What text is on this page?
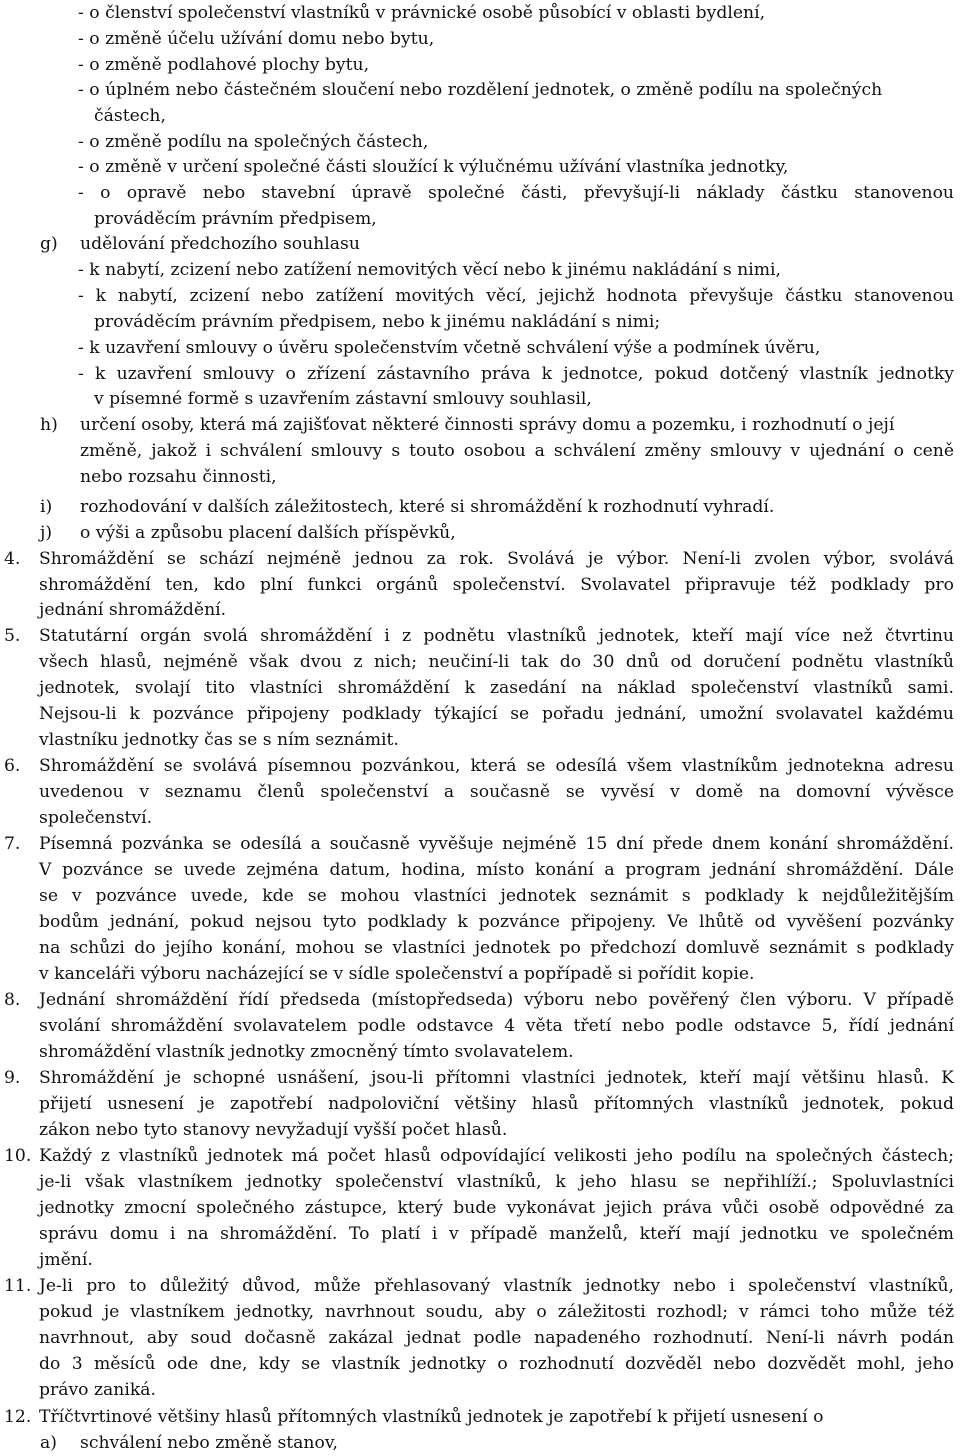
- o členství společenství vlastníků v právnické osobě působící v oblasti bydlení,
- o změně účelu užívání domu nebo bytu,
- o změně podlahové plochy bytu,
- o úplném nebo částečném sloučení nebo rozdělení jednotek, o změně podílu na společných
částech,
- o změně podílu na společných částech,
- o změně v určení společné části sloužící k výlučnému užívání vlastníka jednotky,
- o opravě nebo stavební úpravě společné části, převyšují-li náklady částku stanovenou
prováděcím právním předpisem,
g) udělování předchozího souhlasu
- k nabytí, zcizení nebo zatížení nemovitých věcí nebo k jinému nakládání s nimi,
- k nabytí, zcizení nebo zatížení movitých věcí, jejichž hodnota převyšuje částku stanovenou
prováděcím právním předpisem, nebo k jinému nakládání s nimi;
- k uzavření smlouvy o úvěru společenstvím včetně schválení výše a podmínek úvěru,
- k uzavření smlouvy o zřízení zástavního práva k jednotce, pokud dotčený vlastník jednotky
v písemné formě s uzavřením zástavní smlouvy souhlasil,
h) určení osoby, která má zajišťovat některé činnosti správy domu a pozemku, i rozhodnutí o její
změně, jakož i schválení smlouvy s touto osobou a schválení změny smlouvy v ujednání o ceně
nebo rozsahu činnosti,
i) rozhodování v dalších záležitostech, které si shromáždění k rozhodnutí vyhradí.
j) o výši a způsobu placení dalších příspěvků,
4. Shromáždění se schází nejméně jednou za rok. Svolává je výbor. Není-li zvolen výbor, svolává
shromáždění ten, kdo plní funkci orgánů společenství. Svolavatel připravuje též podklady pro
jednání shromáždění.
5. Statutární orgán svolá shromáždění i z podnětu vlastníků jednotek, kteří mají více než čtvrtinu
všech hlasů, nejméně však dvou z nich; neučiní-li tak do 30 dnů od doručení podnětu vlastníků
jednotek, svolají tito vlastníci shromáždění k zasedání na náklad společenství vlastníků sami.
Nejsou-li k pozvánce připojeny podklady týkající se pořadu jednání, umožní svolavatel každému
vlastníku jednotky čas se s ním seznámit.
6. Shromáždění se svolává písemnou pozvánkou, která se odesílá všem vlastníkům jednotekna adresu
uvedenou v seznamu členů společenství a současně se vyvěsí v domě na domovní vývěsce
společenství.
7. Písemná pozvánka se odesílá a současně vyvěšuje nejméně 15 dní přede dnem konání shromáždění.
V pozvánce se uvede zejména datum, hodina, místo konání a program jednání shromáždění. Dále
se v pozvánce uvede, kde se mohou vlastníci jednotek seznámit s podklady k nejdůležitějším
bodům jednání, pokud nejsou tyto podklady k pozvánce připojeny. Ve lhůtě od vyvěšení pozvánky
na schůzi do jejího konání, mohou se vlastníci jednotek po předchozí domluvě seznámit s podklady
v kanceláři výboru nacházející se v sídle společenství a popřípadě si pořídit kopie.
8. Jednání shromáždění řídí předseda (místopředseda) výboru nebo pověřený člen výboru. V případě
svolání shromáždění svolavatelem podle odstavce 4 věta třetí nebo podle odstavce 5, řídí jednání
shromáždění vlastník jednotky zmocněný tímto svolavatelem.
9. Shromáždění je schopné usnášení, jsou-li přítomni vlastníci jednotek, kteří mají většinu hlasů. K
přijetí usnesení je zapotřebí nadpoloviční většiny hlasů přítomných vlastníků jednotek, pokud
zákon nebo tyto stanovy nevyžadují vyšší počet hlasů.
10. Každý z vlastníků jednotek má počet hlasů odpovídající velikosti jeho podílu na společných částech;
je-li však vlastníkem jednotky společenství vlastníků, k jeho hlasu se nepřihlíží.; Spoluvlastníci
jednotky zmocní společného zástupce, který bude vykonávat jejich práva vůči osobě odpovědné za
správu domu i na shromáždění. To platí i v případě manželů, kteří mají jednotku ve společném
jmění.
11. Je-li pro to důležitý důvod, může přehlasovaný vlastník jednotky nebo i společenství vlastníků,
pokud je vlastníkem jednotky, navrhnout soudu, aby o záležitosti rozhodl; v rámci toho může též
navrhnout, aby soud dočasně zakázal jednat podle napadeného rozhodnutí. Není-li návrh podán
do 3 měsíců ode dne, kdy se vlastník jednotky o rozhodnutí dozvěděl nebo dozvědět mohl, jeho
právo zaniká.
12. Tříčtvrtinové většiny hlasů přítomných vlastníků jednotek je zapotřebí k přijetí usnesení o
a) schválení nebo změně stanov,
